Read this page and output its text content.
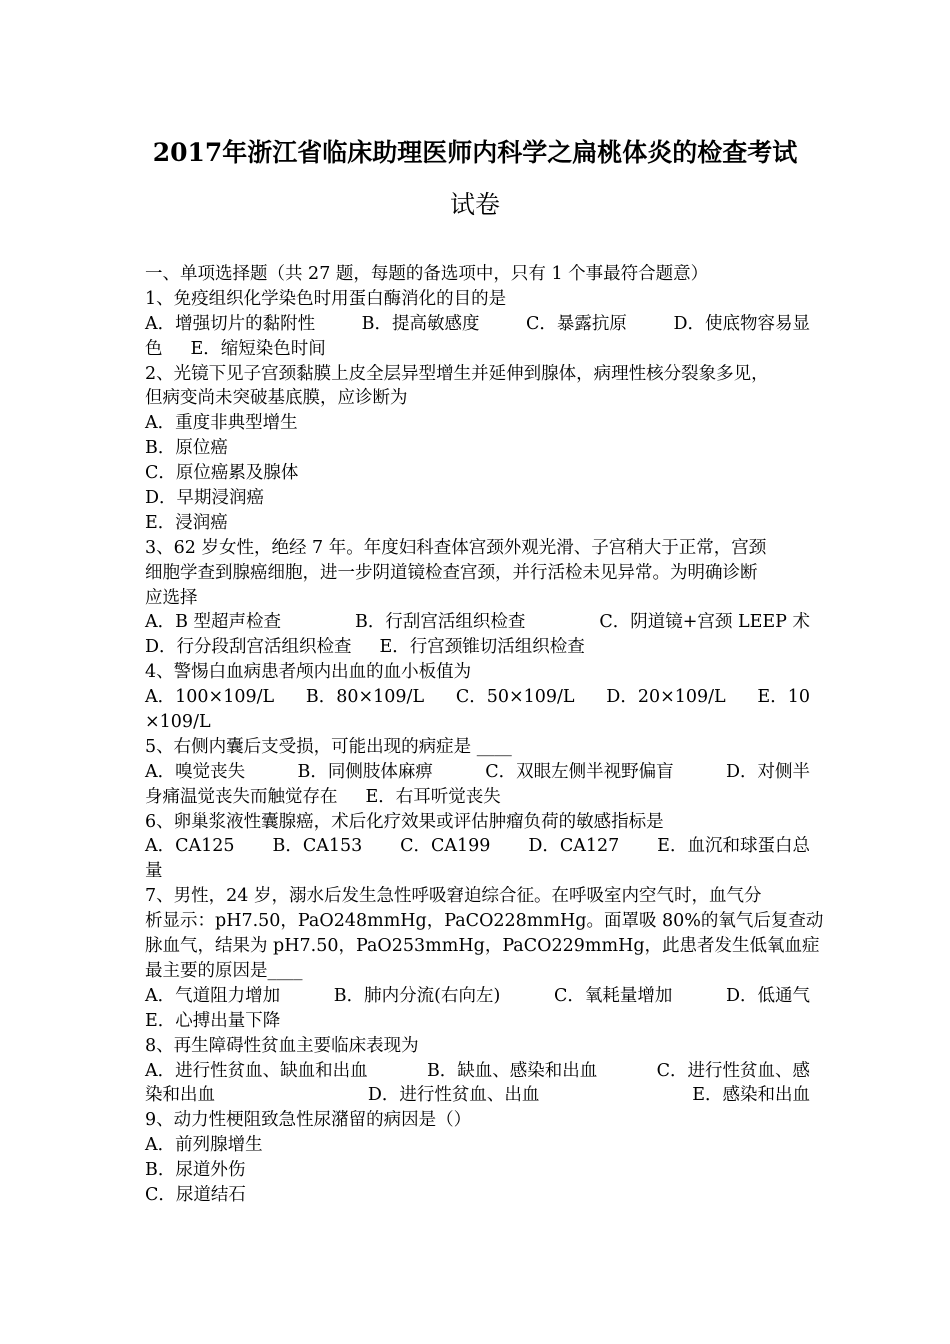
2017年浙江省临床助理医师内科学之扁桃体炎的检查考试
试卷
一、单项选择题（共 27 题，每题的备选项中，只有 1 个事最符合题意）
1、免疫组织化学染色时用蛋白酶消化的目的是
A．增强切片的黏附性	B．提高敏感度	C．暴露抗原	D．使底物容易显
色 E．缩短染色时间
2、光镜下见子宫颈黏膜上皮全层异型增生并延伸到腺体，病理性核分裂象多见，
但病变尚未突破基底膜，应诊断为
A．重度非典型增生
B．原位癌
C．原位癌累及腺体
D．早期浸润癌
E．浸润癌
3、62 岁女性，绝经 7 年。年度妇科查体宫颈外观光滑、子宫稍大于正常，宫颈
细胞学查到腺癌细胞，进一步阴道镜检查宫颈，并行活检未见异常。为明确诊断
应选择
A．B 型超声检查	B．行刮宫活组织检查	C．阴道镜+宫颈 LEEP 术
D．行分段刮宫活组织检查 E．行宫颈锥切活组织检查
4、警惕白血病患者颅内出血的血小板值为
A．100×109/L B．80×109/L C．50×109/L D．20×109/L E．10
×109/L
5、右侧内囊后支受损，可能出现的病症是 ____
A．嗅觉丧失	B．同侧肢体麻痹	C．双眼左侧半视野偏盲	D．对侧半
身痛温觉丧失而触觉存在 E．右耳听觉丧失
6、卵巢浆液性囊腺癌，术后化疗效果或评估肿瘤负荷的敏感指标是
A．CA125 B．CA153 C．CA199 D．CA127 E．血沉和球蛋白总
量
7、男性，24 岁，溺水后发生急性呼吸窘迫综合征。在呼吸室内空气时，血气分
析显示：pH7.50，PaO248mmHg，PaCO228mmHg。面罩吸 80%的氧气后复查动
脉血气，结果为 pH7.50，PaO253mmHg，PaCO229mmHg，此患者发生低氧血症
最主要的原因是____
A．气道阻力增加	B．肺内分流(右向左)	C．氧耗量增加	D．低通气
E．心搏出量下降
8、再生障碍性贫血主要临床表现为
A．进行性贫血、缺血和出血	B．缺血、感染和出血	C．进行性贫血、感
染和出血	D．进行性贫血、出血	E．感染和出血
9、动力性梗阻致急性尿潴留的病因是（）
A．前列腺增生
B．尿道外伤
C．尿道结石
